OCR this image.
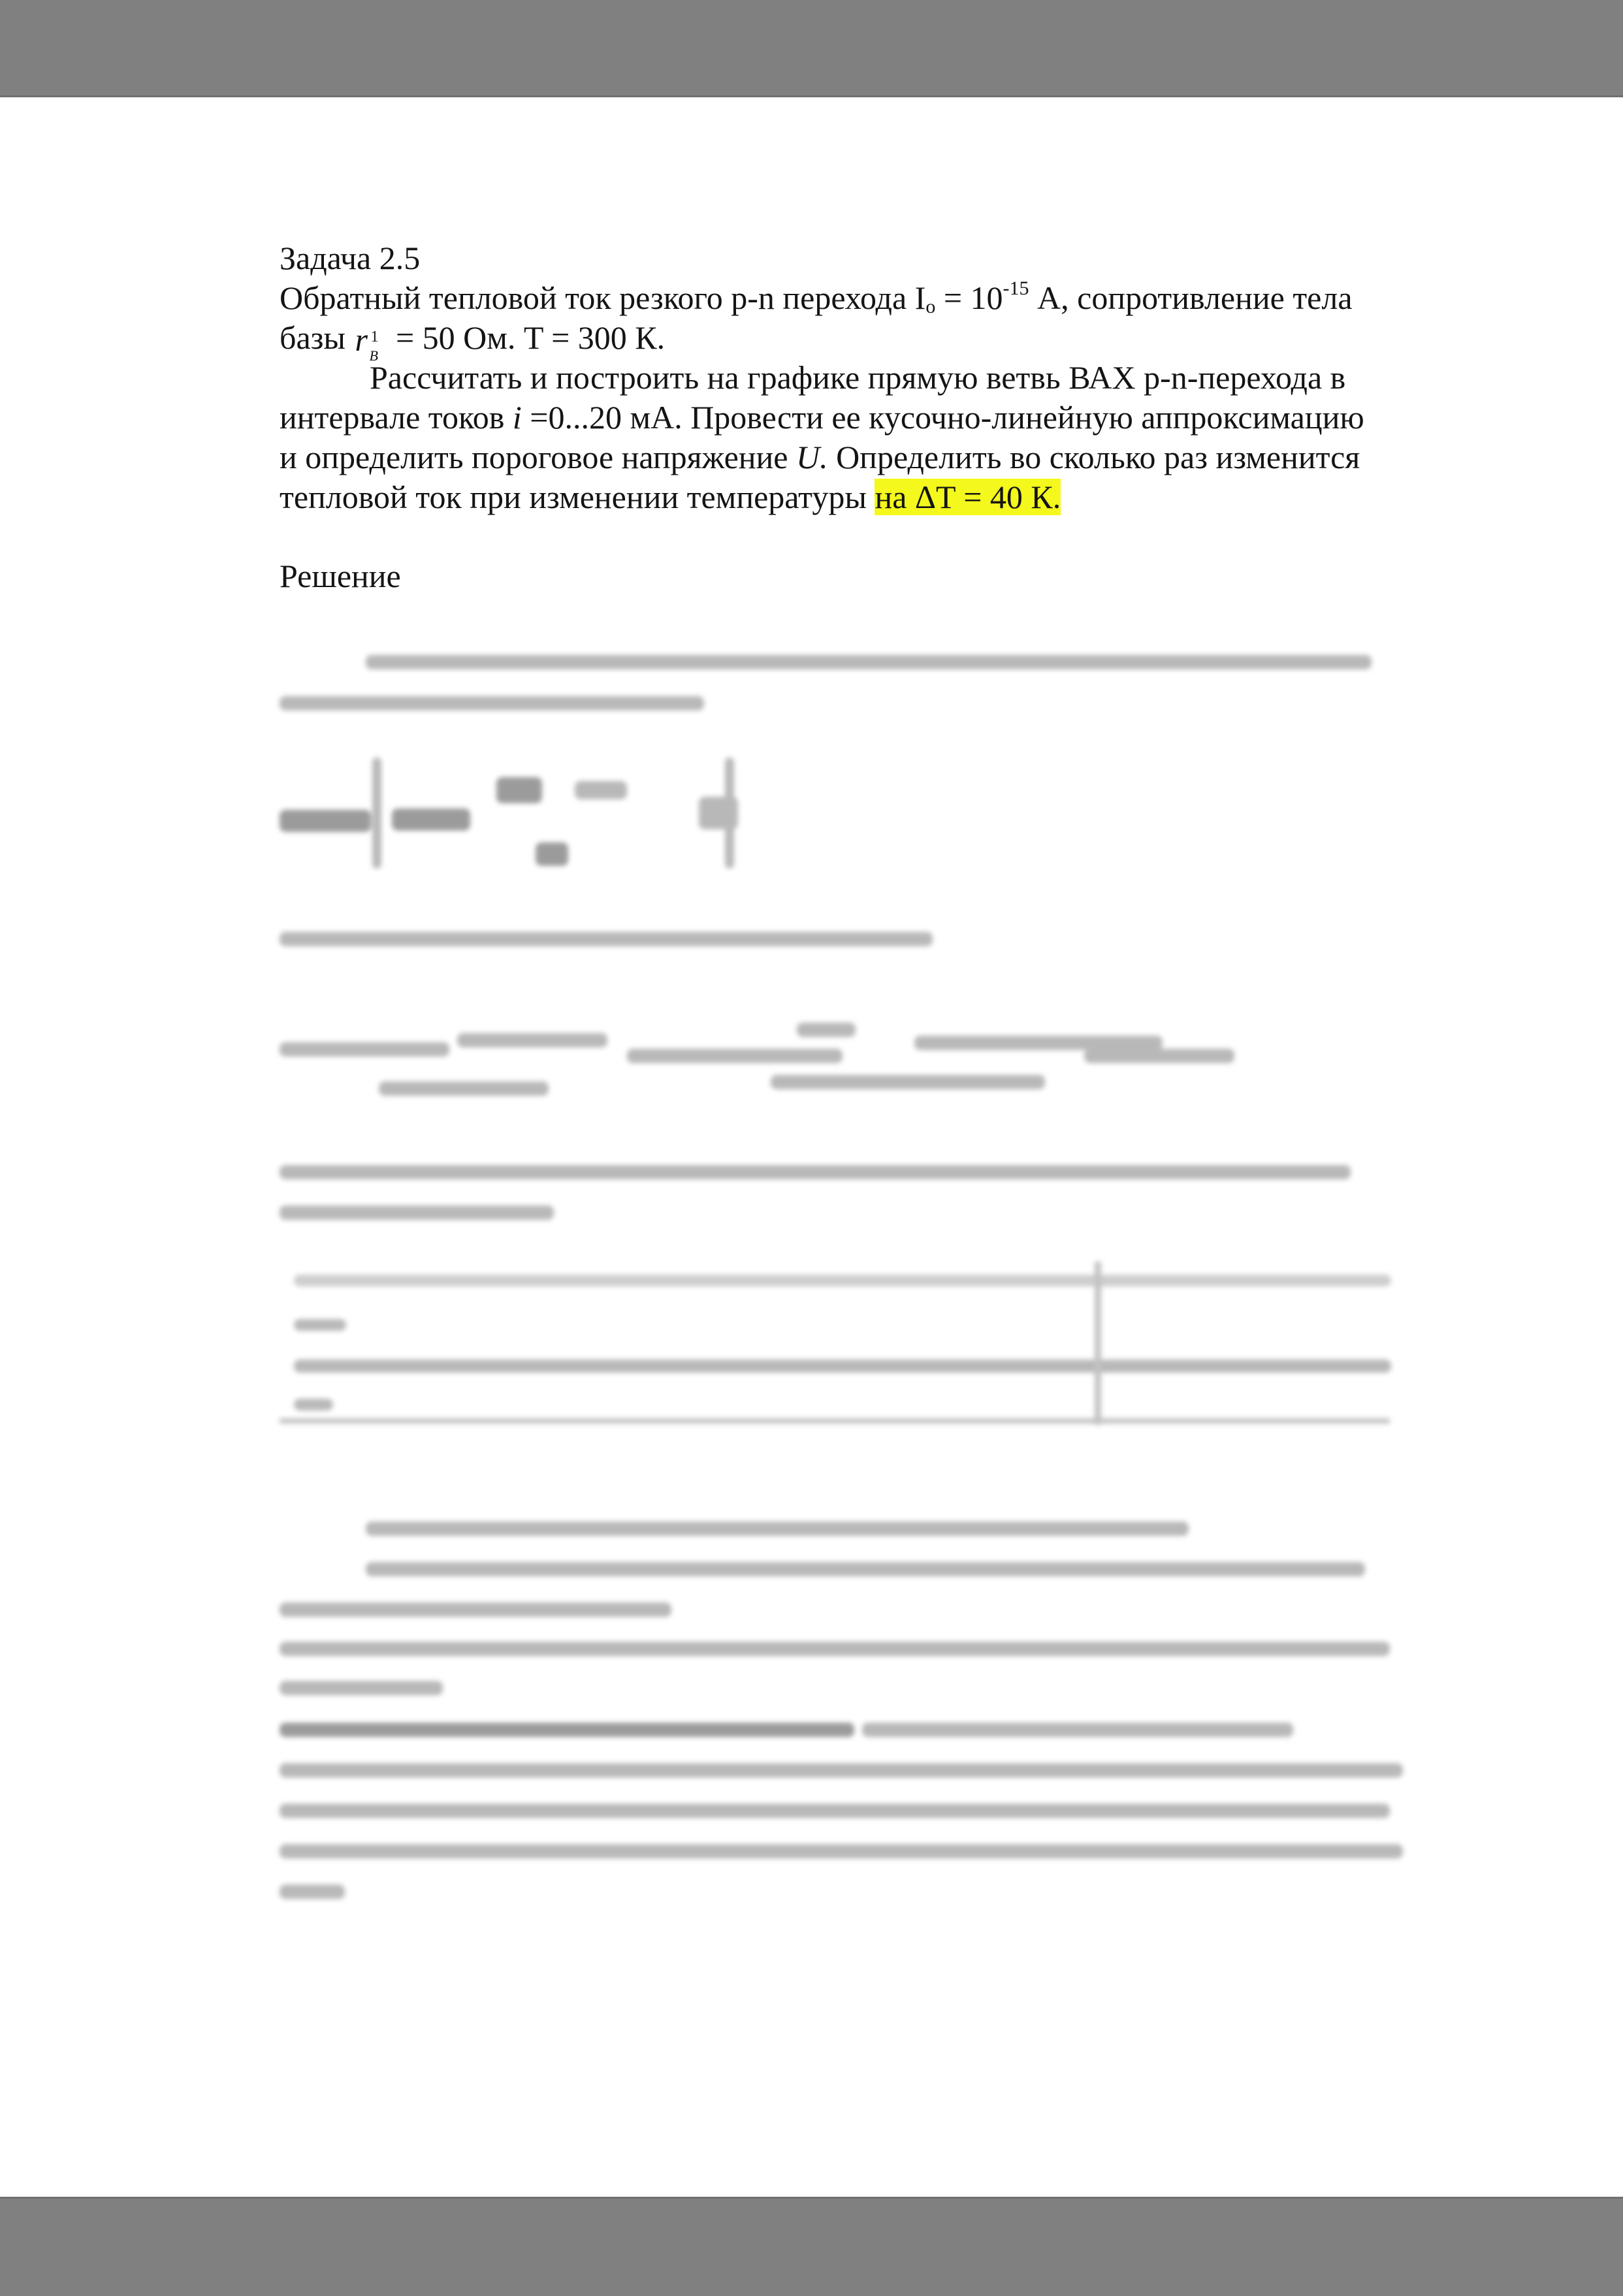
Задача 2.5
Обратный тепловой ток резкого p-n перехода $I_o = 10^{-15}$ А, сопротивление тела
базы r 1
B = 50 Ом. T = 300 К.
Рассчитать и построить на графике прямую ветвь ВАХ p-n-перехода в
интервале токов i =0...20 мА. Провести ее кусочно-линейную аппроксимацию
и определить пороговое напряжение U. Определить во сколько раз изменится
тепловой ток при изменении температуры на ΔT = 40 К.
Решение
